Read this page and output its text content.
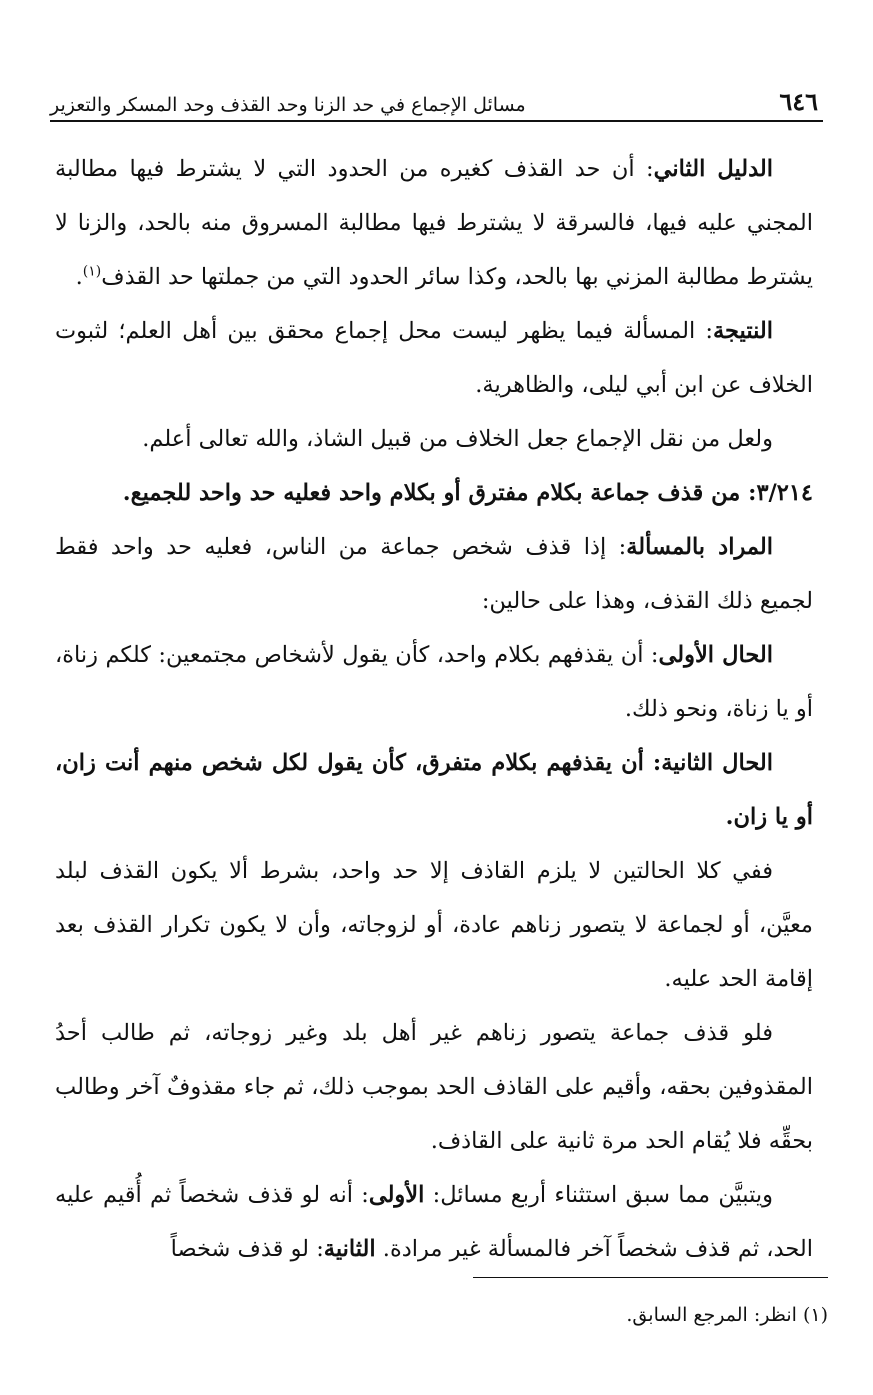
٦٤٦
مسائل الإجماع في حد الزنا وحد القذف وحد المسكر والتعزير

الدليل الثاني: أن حد القذف كغيره من الحدود التي لا يشترط فيها مطالبة المجني عليه فيها، فالسرقة لا يشترط فيها مطالبة المسروق منه بالحد، والزنا لا يشترط مطالبة المزني بها بالحد، وكذا سائر الحدود التي من جملتها حد القذف$^{(١)}$.

النتيجة: المسألة فيما يظهر ليست محل إجماع محقق بين أهل العلم؛ لثبوت الخلاف عن ابن أبي ليلى، والظاهرية.

ولعل من نقل الإجماع جعل الخلاف من قبيل الشاذ، والله تعالى أعلم.

٣/٢١٤: من قذف جماعة بكلام مفترق أو بكلام واحد فعليه حد واحد للجميع.

المراد بالمسألة: إذا قذف شخص جماعة من الناس، فعليه حد واحد فقط لجميع ذلك القذف، وهذا على حالين:

الحال الأولى: أن يقذفهم بكلام واحد، كأن يقول لأشخاص مجتمعين: كلكم زناة، أو يا زناة، ونحو ذلك.

الحال الثانية: أن يقذفهم بكلام متفرق، كأن يقول لكل شخص منهم أنت زان، أو يا زان.

ففي كلا الحالتين لا يلزم القاذف إلا حد واحد، بشرط ألا يكون القذف لبلد معيَّن، أو لجماعة لا يتصور زناهم عادة، أو لزوجاته، وأن لا يكون تكرار القذف بعد إقامة الحد عليه.

فلو قذف جماعة يتصور زناهم غير أهل بلد وغير زوجاته، ثم طالب أحدُ المقذوفين بحقه، وأقيم على القاذف الحد بموجب ذلك، ثم جاء مقذوفٌ آخر وطالب بحقِّه فلا يُقام الحد مرة ثانية على القاذف.

ويتبيَّن مما سبق استثناء أربع مسائل: الأولى: أنه لو قذف شخصاً ثم أُقيم عليه الحد، ثم قذف شخصاً آخر فالمسألة غير مرادة. الثانية: لو قذف شخصاً

(١) انظر: المرجع السابق.
